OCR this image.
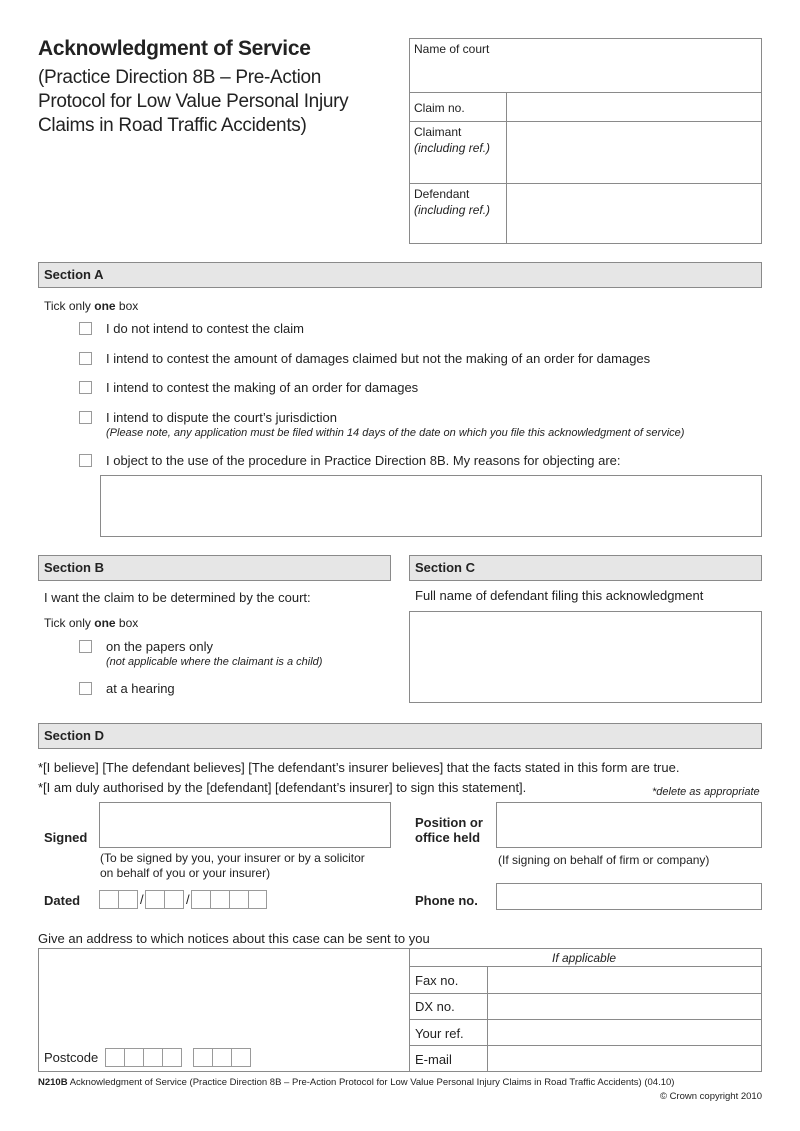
Acknowledgment of Service
(Practice Direction 8B – Pre-Action
Protocol for Low Value Personal Injury
Claims in Road Traffic Accidents)
Name of court
Claim no.
Claimant
(including ref.)
Defendant
(including ref.)
Section A
Tick only one box
I do not intend to contest the claim
I intend to contest the amount of damages claimed but not the making of an order for damages
I intend to contest the making of an order for damages
I intend to dispute the court’s jurisdiction
(Please note, any application must be filed within 14 days of the date on which you file this acknowledgment of service)
I object to the use of the procedure in Practice Direction 8B. My reasons for objecting are:
Section B
I want the claim to be determined by the court:
Tick only one box
on the papers only
(not applicable where the claimant is a child)
at a hearing
Section C
Full name of defendant filing this acknowledgment
Section D
*[I believe] [The defendant believes] [The defendant’s insurer believes] that the facts stated in this form are true.
*[I am duly authorised by the [defendant] [defendant’s insurer] to sign this statement].	*delete as appropriate
Signed
(To be signed by you, your insurer or by a solicitor
on behalf of you or your insurer)
Position or
office held
(If signing on behalf of firm or company)
Dated	/	/	Phone no.
Give an address to which notices about this case can be sent to you
If applicable
Fax no.
DX no.
Your ref.
E-mail
Postcode
N210B Acknowledgment of Service (Practice Direction 8B – Pre-Action Protocol for Low Value Personal Injury Claims in Road Traffic Accidents) (04.10)
© Crown copyright 2010
